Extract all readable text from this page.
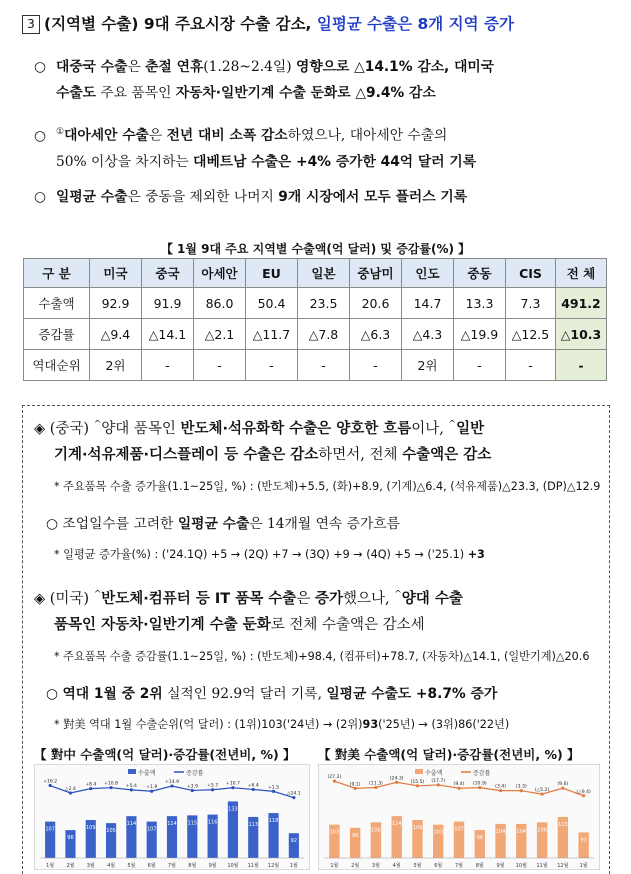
3 (지역별 수출) 9대 주요시장 수출 감소, 일평균 수출은 8개 지역 증가
○ 대중국 수출은 춘절 연휴(1.28~2.4일) 영향으로 △14.1% 감소, 대미국
수출도 주요 품목인 자동차·일반기계 수출 둔화로 △9.4% 감소
○ ①대아세안 수출은 전년 대비 소폭 감소하였으나, 대아세안 수출의
50% 이상을 차지하는 대베트남 수출은 +4% 증가한 44억 달러 기록
○ 일평균 수출은 중동을 제외한 나머지 9개 시장에서 모두 플러스 기록
【 1월 9대 주요 지역별 수출액(억 달러) 및 증감률(%) 】
구 분	미국	중국	아세안	EU	일본	중남미	인도	중동	CIS	전 체
수출액	92.9	91.9	86.0	50.4	23.5	20.6	14.7	13.3	7.3	491.2
증감률	△9.4	△14.1	△2.1	△11.7	△7.8	△6.3	△4.3	△19.9	△12.5	△10.3
역대순위	2위	-	-	-	-	-	2위	-	-	-
◈ (중국) ^양대 품목인 반도체·석유화학 수출은 양호한 흐름이나, ^일반
기계·석유제품·디스플레이 등 수출은 감소하면서, 전체 수출액은 감소
* 주요품목 수출 증가율(1.1~25일, %) : (반도체)+5.5, (화)+8.9, (기계)△6.4, (석유제품)△23.3, (DP)△12.9
○ 조업일수를 고려한 일평균 수출은 14개월 연속 증가흐름
* 일평균 증가율(%) : ('24.1Q) +5 → (2Q) +7 → (3Q) +9 → (4Q) +5 → ('25.1) +3
◈ (미국) ^반도체·컴퓨터 등 IT 품목 수출은 증가했으나, ^양대 수출
품목인 자동차·일반기계 수출 둔화로 전체 수출액은 감소세
* 주요품목 수출 증감률(1.1~25일, %) : (반도체)+98.4, (컴퓨터)+78.7, (자동차)△14.1, (일반기계)△20.6
○ 역대 1월 중 2위 실적인 92.9억 달러 기록, 일평균 수출도 +8.7% 증가
* 對美 역대 1월 수출순위(억 달러) : (1위)103('24년) → (2위)93('25년) → (3위)86('22년)
【 對中 수출액(억 달러)·증감률(전년비, %) 】 【 對美 수출액(억 달러)·증감률(전년비, %) 】
수출액	증감률
107
1월
96
2월
109
3월
105
4월
114
5월
107
6월
114
7월
115
8월
116
9월
133
10월
113
11월
118
12월
92
1월
+16.2
△2.4
+8.4 +10.8 +5.4 +1.9
+14.9
+3.9 +5.7 +10.7 +6.4 +1.5
△14.1
수출액	증감률
103
1월
99
2월
106
3월
114
4월
109
5월
103
6월
107
7월
96
8월
104
9월
104
10월
106
11월
113
12월
93
1월
(27.2)
(9.1) (11.3)
(24.3)
(15.5) (17.7)
(9.4) (10.9)
(3.4) (3.3)
(△5.2)
(9.6)
(△9.4)
